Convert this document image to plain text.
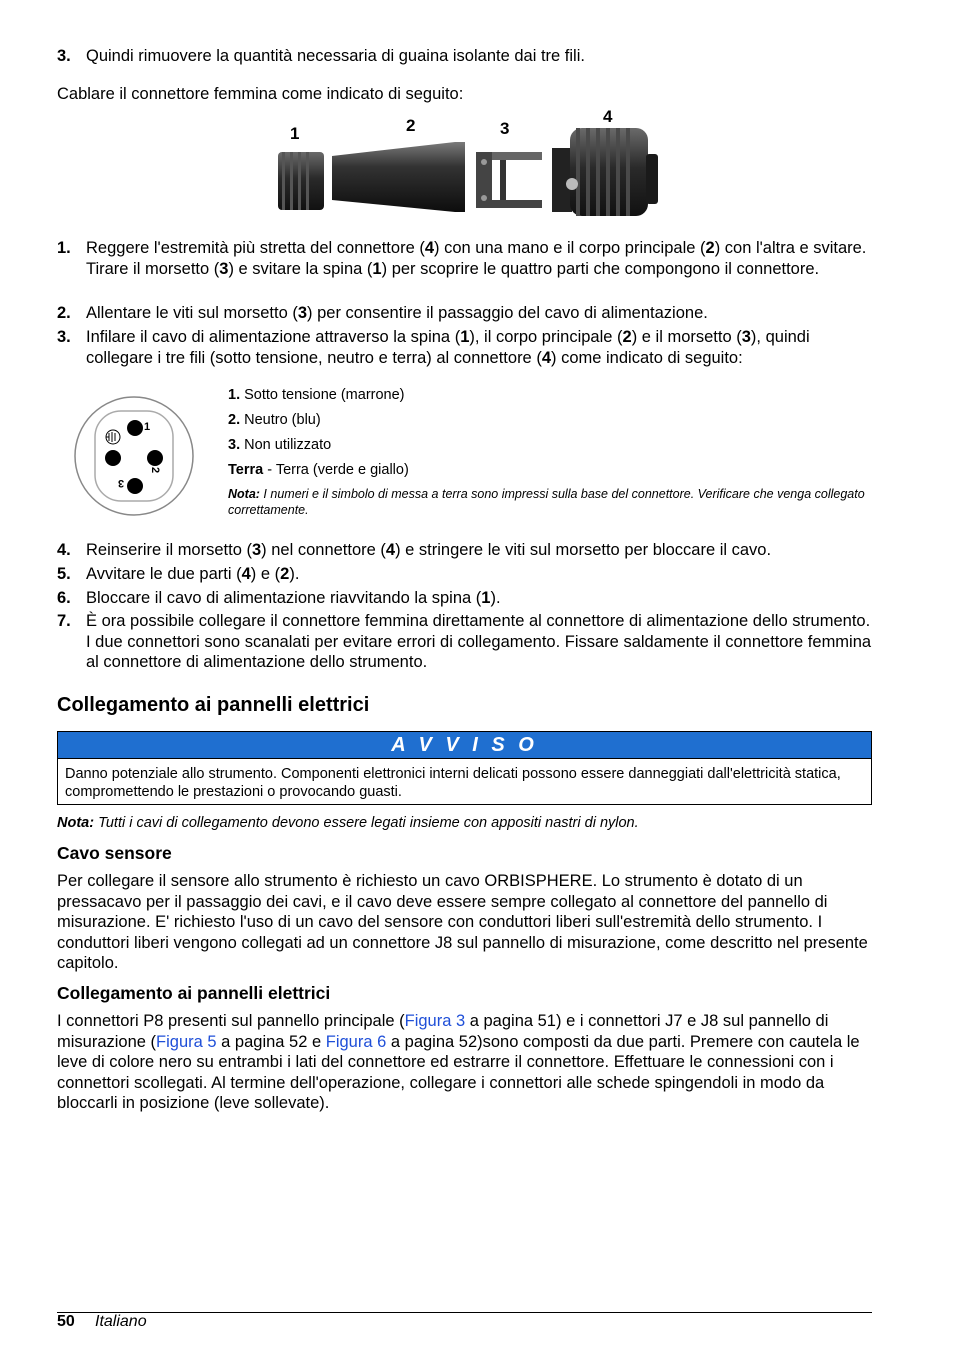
3. Quindi rimuovere la quantità necessaria di guaina isolante dai tre fili.
Cablare il connettore femmina come indicato di seguito:
1	2	3
4
1. Reggere l'estremità più stretta del connettore (4) con una mano e il corpo principale (2) con l'altra e svitare. Tirare il morsetto (3) e svitare la spina (1) per scoprire le quattro parti che compongono il connettore.
2. Allentare le viti sul morsetto (3) per consentire il passaggio del cavo di alimentazione.
3. Infilare il cavo di alimentazione attraverso la spina (1), il corpo principale (2) e il morsetto (3), quindi collegare i tre fili (sotto tensione, neutro e terra) al connettore (4) come indicato di seguito:
1
2
3
1. Sotto tensione (marrone)
2. Neutro (blu)
3. Non utilizzato
Terra - Terra (verde e giallo)
Nota: I numeri e il simbolo di messa a terra sono impressi sulla base del connettore. Verificare che venga collegato correttamente.
4. Reinserire il morsetto (3) nel connettore (4) e stringere le viti sul morsetto per bloccare il cavo.
5. Avvitare le due parti (4) e (2).
6. Bloccare il cavo di alimentazione riavvitando la spina (1).
7. È ora possibile collegare il connettore femmina direttamente al connettore di alimentazione dello strumento. I due connettori sono scanalati per evitare errori di collegamento. Fissare saldamente il connettore femmina al connettore di alimentazione dello strumento.
Collegamento ai pannelli elettrici
A V V I S O
Danno potenziale allo strumento. Componenti elettronici interni delicati possono essere danneggiati dall'elettricità statica, compromettendo le prestazioni o provocando guasti.
Nota: Tutti i cavi di collegamento devono essere legati insieme con appositi nastri di nylon.
Cavo sensore
Per collegare il sensore allo strumento è richiesto un cavo ORBISPHERE. Lo strumento è dotato di un pressacavo per il passaggio dei cavi, e il cavo deve essere sempre collegato al connettore del pannello di misurazione. E' richiesto l'uso di un cavo del sensore con conduttori liberi sull'estremità dello strumento. I conduttori liberi vengono collegati ad un connettore J8 sul pannello di misurazione, come descritto nel presente capitolo.
Collegamento ai pannelli elettrici
I connettori P8 presenti sul pannello principale (Figura 3 a pagina 51) e i connettori J7 e J8 sul pannello di misurazione (Figura 5 a pagina 52 e Figura 6 a pagina 52)sono composti da due parti. Premere con cautela le leve di colore nero su entrambi i lati del connettore ed estrarre il connettore. Effettuare le connessioni con i connettori scollegati. Al termine dell'operazione, collegare i connettori alle schede spingendoli in modo da bloccarli in posizione (leve sollevate).
50 Italiano
